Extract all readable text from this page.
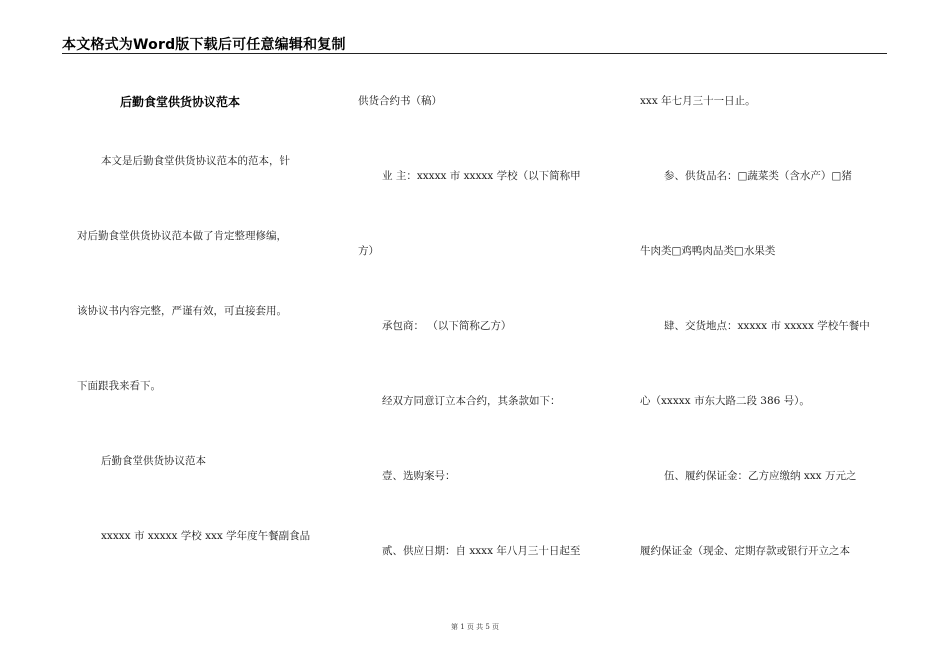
本文格式为Word版下载后可任意编辑和复制
后勤食堂供货协议范本
本文是后勤食堂供货协议范本的范本，针
对后勤食堂供货协议范本做了肯定整理修编，
该协议书内容完整，严谨有效，可直接套用。
下面跟我来看下。
后勤食堂供货协议范本
xxxxx 市 xxxxx 学校 xxx 学年度午餐副食品
供货合约书（稿）
业 主：xxxxx 市 xxxxx 学校（以下简称甲
方）
承包商： （以下简称乙方）
经双方同意订立本合约，其条款如下：
壹、选购案号：
贰、供应日期：自 xxxx 年八月三十日起至
xxx 年七月三十一日止。
参、供货品名：□蔬菜类（含水产）□猪
牛肉类□鸡鸭肉品类□水果类
肆、交货地点：xxxxx 市 xxxxx 学校午餐中
心（xxxxx 市东大路二段 386 号）。
伍、履约保证金：乙方应缴纳 xxx 万元之
履约保证金（现金、定期存款或银行开立之本
第 1 页 共 5 页
